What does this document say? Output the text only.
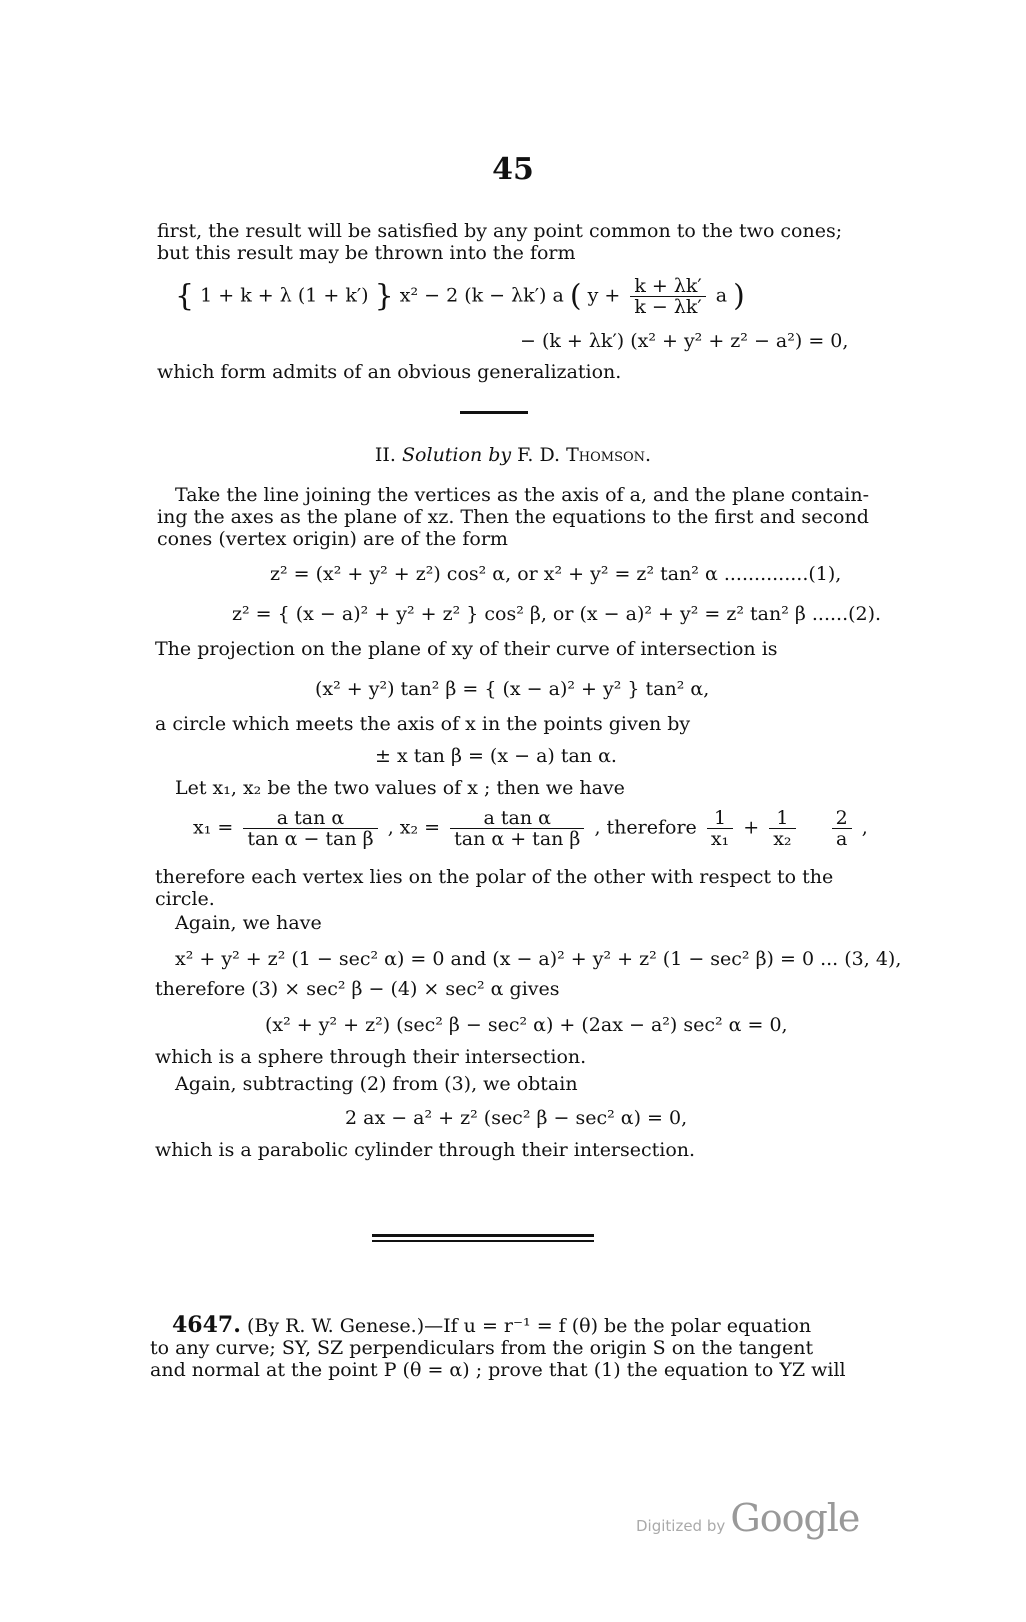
45
first, the result will be satisfied by any point common to the two cones;
but this result may be thrown into the form
{ 1 + k + λ (1 + k′) } x² − 2 (k − λk′) a ( $y + \frac{k + \lambda k'}{k - \lambda k'}$ a )
− (k + λk′) (x² + y² + z² − a²) = 0,
which form admits of an obvious generalization.
II. Solution by F. D. Thomson.
Take the line joining the vertices as the axis of a, and the plane contain-
ing the axes as the plane of xz. Then the equations to the first and second
cones (vertex origin) are of the form
z² = (x² + y² + z²) cos² α, or x² + y² = z² tan² α ..............(1),
z² = { (x − a)² + y² + z² } cos² β, or (x − a)² + y² = z² tan² β ......(2).
The projection on the plane of xy of their curve of intersection is
(x² + y²) tan² β = { (x − a)² + y² } tan² α,
a circle which meets the axis of x in the points given by
± x tan β = (x − a) tan α.
Let x₁, x₂ be the two values of x ; then we have
$x_1 = \frac{\text{a tan α}}{\text{tan α − tan β}}$ , $x_2 = \frac{\text{a tan α}}{\text{tan α + tan β}}$ , therefore $\frac{1}{\text{x₁}} + \frac{1}{\text{x₂}}$
$\frac{2}{a}$ ,
therefore each vertex lies on the polar of the other with respect to the
circle.
Again, we have
x² + y² + z² (1 − sec² α) = 0 and (x − a)² + y² + z² (1 − sec² β) = 0 ... (3, 4),
therefore (3) × sec² β − (4) × sec² α gives
(x² + y² + z²) (sec² β − sec² α) + (2ax − a²) sec² α = 0,
which is a sphere through their intersection.
Again, subtracting (2) from (3), we obtain
2 ax − a² + z² (sec² β − sec² α) = 0,
which is a parabolic cylinder through their intersection.
4647. (By R. W. Genese.)—If u = r⁻¹ = f (θ) be the polar equation
to any curve; SY, SZ perpendiculars from the origin S on the tangent
and normal at the point P (θ = α) ; prove that (1) the equation to YZ will
Digitized by Google
